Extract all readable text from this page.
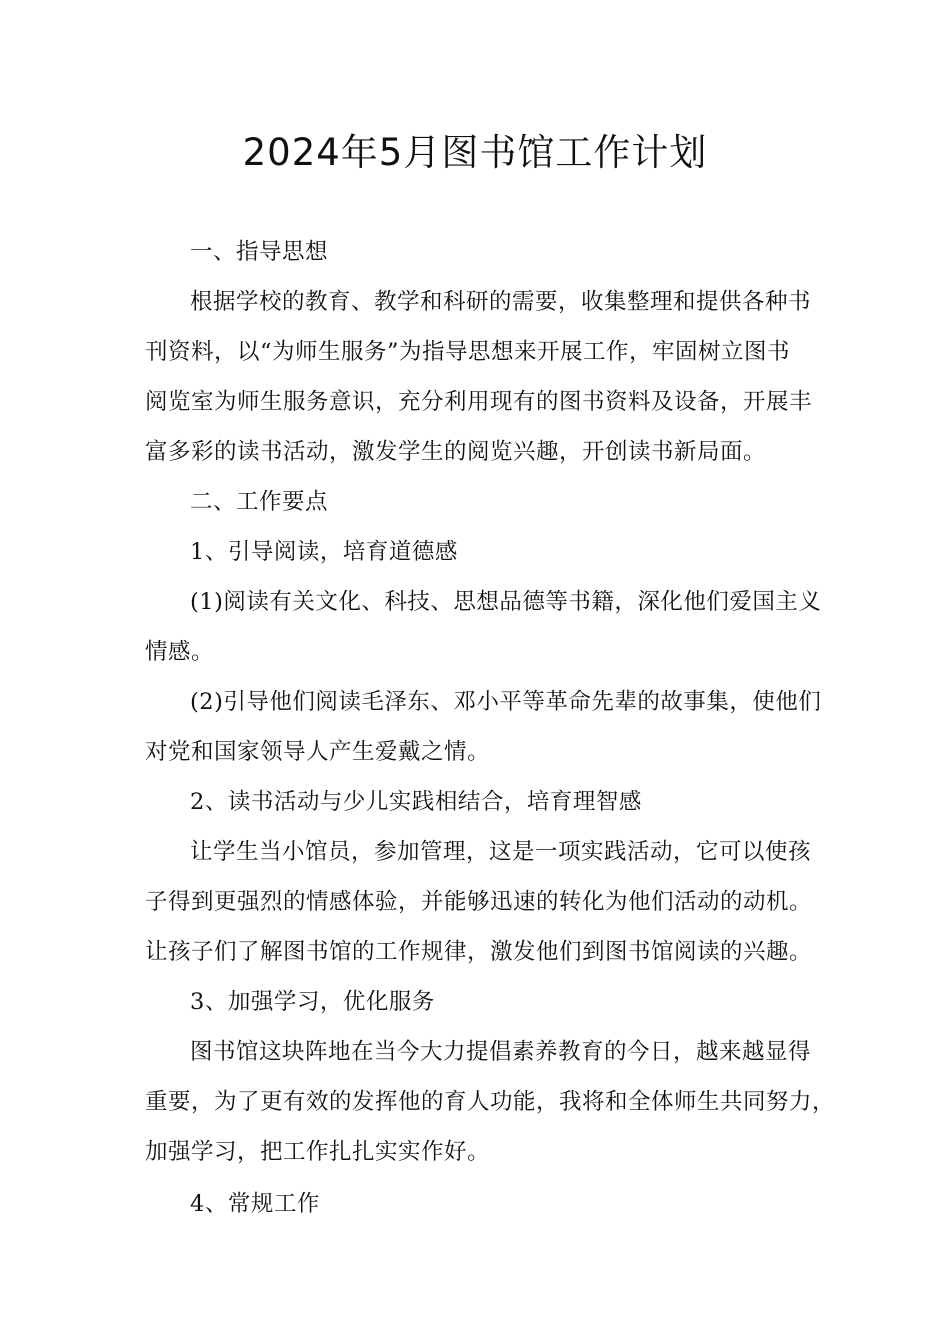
2024年5月图书馆工作计划
一、指导思想
根据学校的教育、教学和科研的需要，收集整理和提供各种书
刊资料，以“为师生服务”为指导思想来开展工作，牢固树立图书
阅览室为师生服务意识，充分利用现有的图书资料及设备，开展丰
富多彩的读书活动，激发学生的阅览兴趣，开创读书新局面。
二、工作要点
1、引导阅读，培育道德感
(1)阅读有关文化、科技、思想品德等书籍，深化他们爱国主义
情感。
(2)引导他们阅读毛泽东、邓小平等革命先辈的故事集，使他们
对党和国家领导人产生爱戴之情。
2、读书活动与少儿实践相结合，培育理智感
让学生当小馆员，参加管理，这是一项实践活动，它可以使孩
子得到更强烈的情感体验，并能够迅速的转化为他们活动的动机。
让孩子们了解图书馆的工作规律，激发他们到图书馆阅读的兴趣。
3、加强学习，优化服务
图书馆这块阵地在当今大力提倡素养教育的今日，越来越显得
重要，为了更有效的发挥他的育人功能，我将和全体师生共同努力，
加强学习，把工作扎扎实实作好。
4、常规工作
